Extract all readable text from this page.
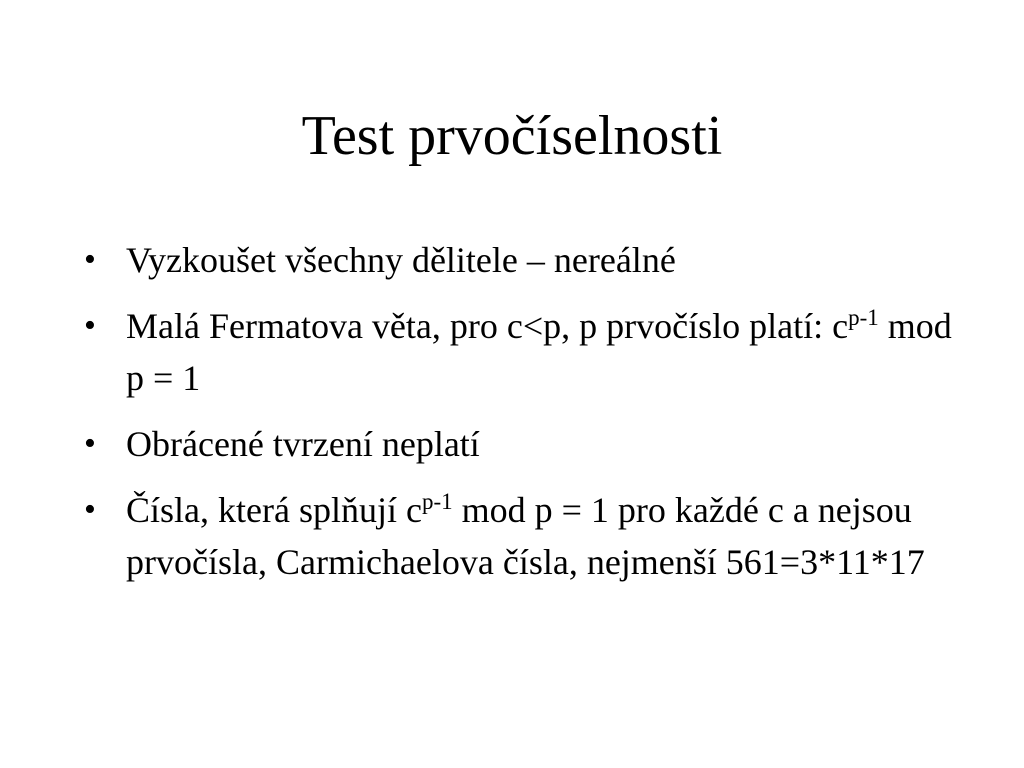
Test prvočíselnosti
• Vyzkoušet všechny dělitele – nereálné
• Malá Fermatova věta, pro c<p, p prvočíslo platí: $c^{p-1}$ mod p = 1
• Obrácené tvrzení neplatí
• Čísla, která splňují $c^{p-1}$ mod p = 1 pro každé c a nejsou prvočísla, Carmichaelova čísla, nejmenší 561=3*11*17
